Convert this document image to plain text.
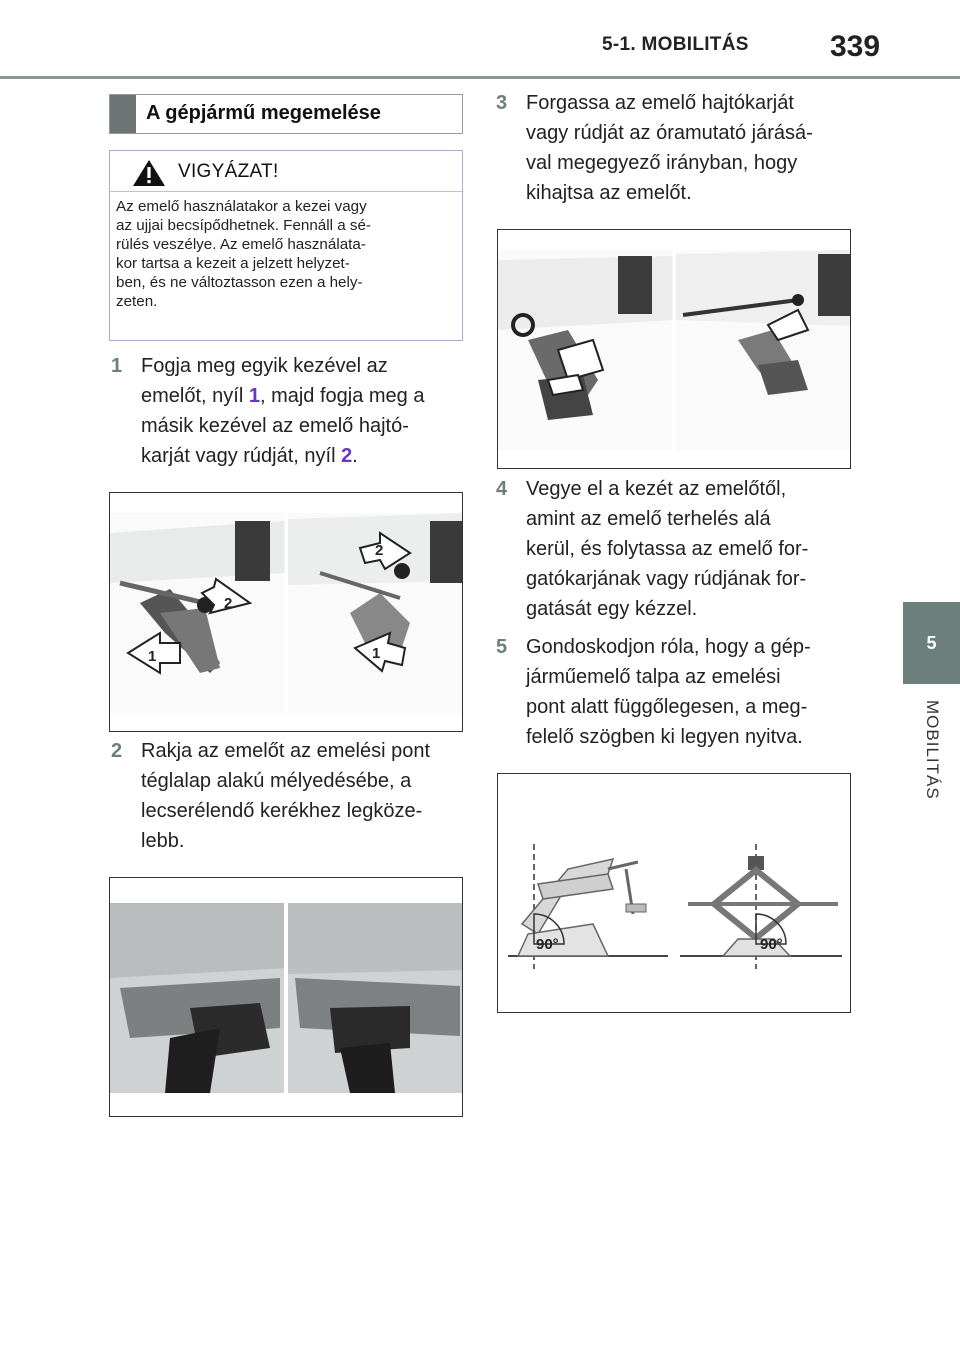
5-1. MOBILITÁS	339
5
MOBILITÁS
A gépjármű megemelése
VIGYÁZAT!
Az emelő használatakor a kezei vagy
az ujjai becsípődhetnek. Fennáll a sé-
rülés veszélye. Az emelő használata-
kor tartsa a kezeit a jelzett helyzet-
ben, és ne változtasson ezen a hely-
zeten.
1 Fogja meg egyik kezével az
emelőt, nyíl 1, majd fogja meg a
másik kezével az emelő hajtó-
karját vagy rúdját, nyíl 2.
1
2
2
1
2 Rakja az emelőt az emelési pont
téglalap alakú mélyedésébe, a
lecserélendő kerékhez legköze-
lebb.
3 Forgassa az emelő hajtókarját
vagy rúdját az óramutató járásá-
val megegyező irányban, hogy
kihajtsa az emelőt.
4 Vegye el a kezét az emelőtől,
amint az emelő terhelés alá
kerül, és folytassa az emelő for-
gatókarjának vagy rúdjának for-
gatását egy kézzel.
5 Gondoskodjon róla, hogy a gép-
járműemelő talpa az emelési
pont alatt függőlegesen, a meg-
felelő szögben ki legyen nyitva.
90°	90°
